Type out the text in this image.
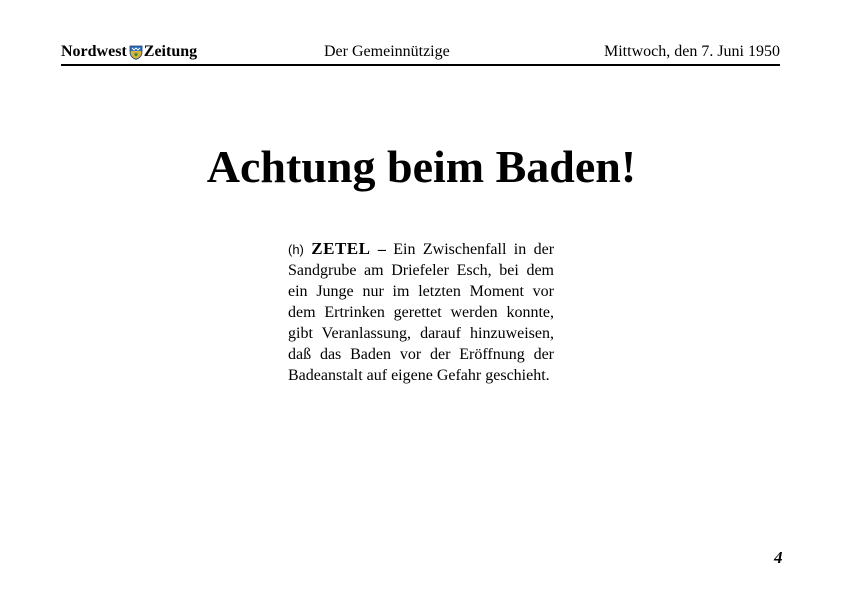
Nordwest Zeitung	Der Gemeinnützige	Mittwoch, den 7. Juni 1950
Achtung beim Baden!

(h) ZETEL – Ein Zwischenfall in der Sandgrube am Driefeler Esch, bei dem ein Junge nur im letzten Moment vor dem Ertrinken gerettet werden konnte, gibt Veranlassung, darauf hinzuweisen, daß das Baden vor der Eröffnung der Badeanstalt auf eigene Gefahr geschieht.

4
